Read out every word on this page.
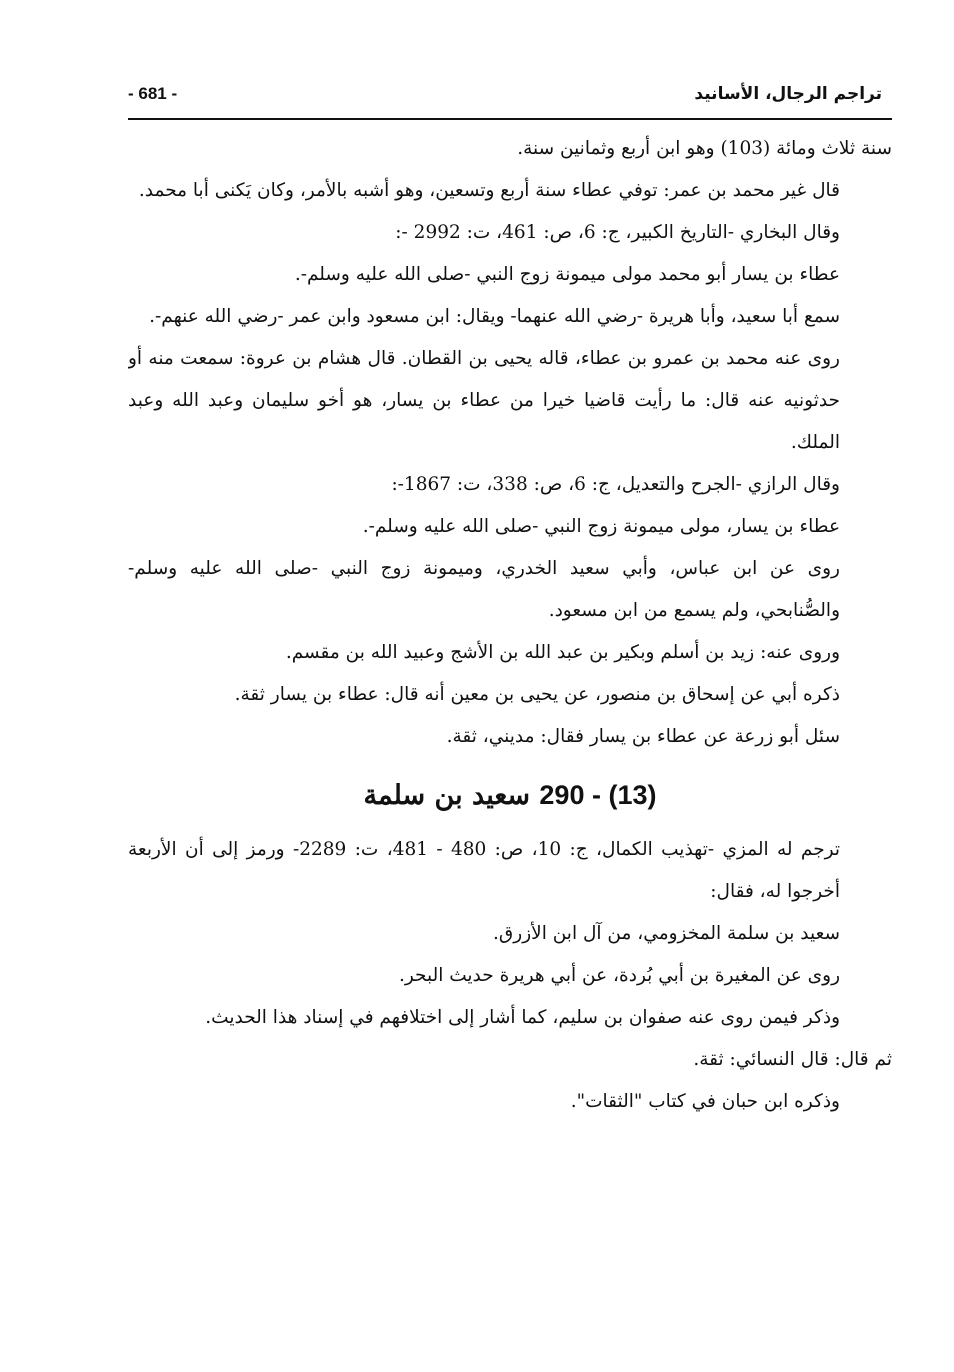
تراجم الرجال، الأسانيد
- 681 -

سنة ثلاث ومائة (103) وهو ابن أربع وثمانين سنة.

قال غير محمد بن عمر: توفي عطاء سنة أربع وتسعين، وهو أشبه بالأمر، وكان يَكنى أبا محمد.

وقال البخاري -التاريخ الكبير، ج: 6، ص: 461، ت: 2992 -:

عطاء بن يسار أبو محمد مولى ميمونة زوج النبي -صلى الله عليه وسلم-.

سمع أبا سعيد، وأبا هريرة -رضي الله عنهما- ويقال: ابن مسعود وابن عمر -رضي الله عنهم-.

روى عنه محمد بن عمرو بن عطاء، قاله يحيى بن القطان. قال هشام بن عروة: سمعت منه أو حدثونيه عنه قال: ما رأيت قاضيا خيرا من عطاء بن يسار، هو أخو سليمان وعبد الله وعبد الملك.

وقال الرازي -الجرح والتعديل، ج: 6، ص: 338، ت: 1867-:

عطاء بن يسار، مولى ميمونة زوج النبي -صلى الله عليه وسلم-.

روى عن ابن عباس، وأبي سعيد الخدري، وميمونة زوج النبي -صلى الله عليه وسلم- والصُّنابحي، ولم يسمع من ابن مسعود.

وروى عنه: زيد بن أسلم وبكير بن عبد الله بن الأشج وعبيد الله بن مقسم.

ذكره أبي عن إسحاق بن منصور، عن يحيى بن معين أنه قال: عطاء بن يسار ثقة.

سئل أبو زرعة عن عطاء بن يسار فقال: مديني، ثقة.

290 - (13) سعيد بن سلمة

ترجم له المزي -تهذيب الكمال، ج: 10، ص: 480 - 481، ت: 2289- ورمز إلى أن الأربعة أخرجوا له، فقال:

سعيد بن سلمة المخزومي، من آل ابن الأزرق.

روى عن المغيرة بن أبي بُردة، عن أبي هريرة حديث البحر.

وذكر فيمن روى عنه صفوان بن سليم، كما أشار إلى اختلافهم في إسناد هذا الحديث.

ثم قال: قال النسائي: ثقة.

وذكره ابن حبان في كتاب "الثقات".
